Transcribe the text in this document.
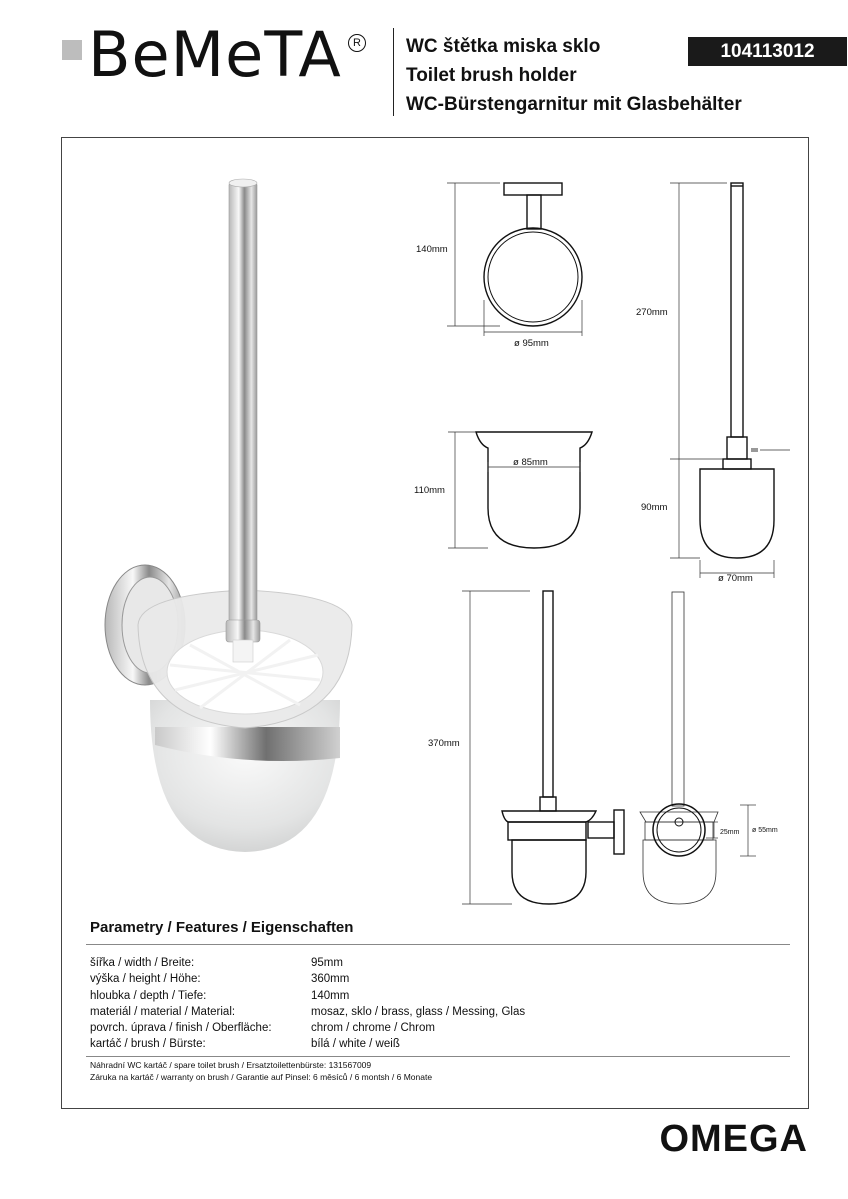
BeMeTA	R WC štětka miska sklo
Toilet brush holder
WC-Bürstengarnitur mit Glasbehälter
104113012
140mm
ø 95mm
270mm
90mm
ø 70mm
110mm
ø 85mm
370mm
25mm ø 55mm
Parametry / Features / Eigenschaften
šířka / width / Breite:	95mm
výška / height / Höhe:	360mm
hloubka / depth / Tiefe:	140mm
materiál / material / Material:	mosaz, sklo / brass, glass / Messing, Glas
povrch. úprava / finish / Oberfläche:	chrom / chrome / Chrom
kartáč / brush / Bürste:	bílá / white / weiß
Náhradní WC kartáč / spare toilet brush / Ersatztoilettenbürste: 131567009
Záruka na kartáč / warranty on brush / Garantie auf Pinsel: 6 měsíců / 6 montsh / 6 Monate
OMEGA
